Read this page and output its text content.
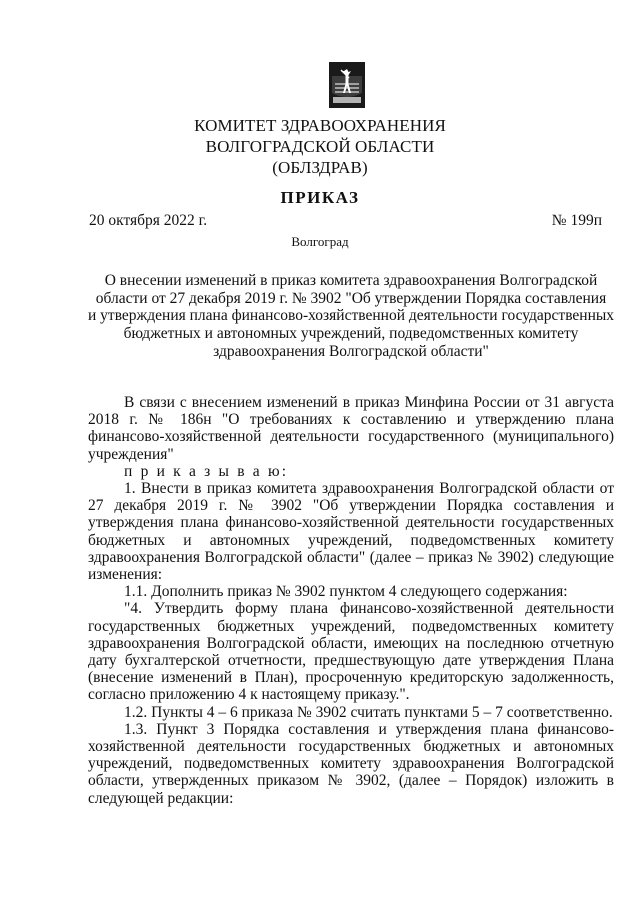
КОМИТЕТ ЗДРАВООХРАНЕНИЯ
ВОЛГОГРАДСКОЙ ОБЛАСТИ
(ОБЛЗДРАВ)
ПРИКАЗ
20 октября 2022 г.	№ 199п
Волгоград
О внесении изменений в приказ комитета здравоохранения Волгоградской
области от 27 декабря 2019 г. № 3902 "Об утверждении Порядка составления
и утверждения плана финансово-хозяйственной деятельности государственных
бюджетных и автономных учреждений, подведомственных комитету
здравоохранения Волгоградской области"

В связи с внесением изменений в приказ Минфина России от 31 августа 2018 г. № 186н "О требованиях к составлению и утверждению плана финансово-хозяйственной деятельности государственного (муниципального) учреждения"

п р и к а з ы в а ю:

1. Внести в приказ комитета здравоохранения Волгоградской области от 27 декабря 2019 г. № 3902 "Об утверждении Порядка составления и утверждения плана финансово-хозяйственной деятельности государственных бюджетных и автономных учреждений, подведомственных комитету здравоохранения Волгоградской области" (далее – приказ № 3902) следующие изменения:

1.1. Дополнить приказ № 3902 пунктом 4 следующего содержания:

"4. Утвердить форму плана финансово-хозяйственной деятельности государственных бюджетных учреждений, подведомственных комитету здравоохранения Волгоградской области, имеющих на последнюю отчетную дату бухгалтерской отчетности, предшествующую дате утверждения Плана (внесение изменений в План), просроченную кредиторскую задолженность, согласно приложению 4 к настоящему приказу.".

1.2. Пункты 4 – 6 приказа № 3902 считать пунктами 5 – 7 соответственно.

1.3. Пункт 3 Порядка составления и утверждения плана финансово-хозяйственной деятельности государственных бюджетных и автономных учреждений, подведомственных комитету здравоохранения Волгоградской области, утвержденных приказом № 3902, (далее – Порядок) изложить в следующей редакции:
